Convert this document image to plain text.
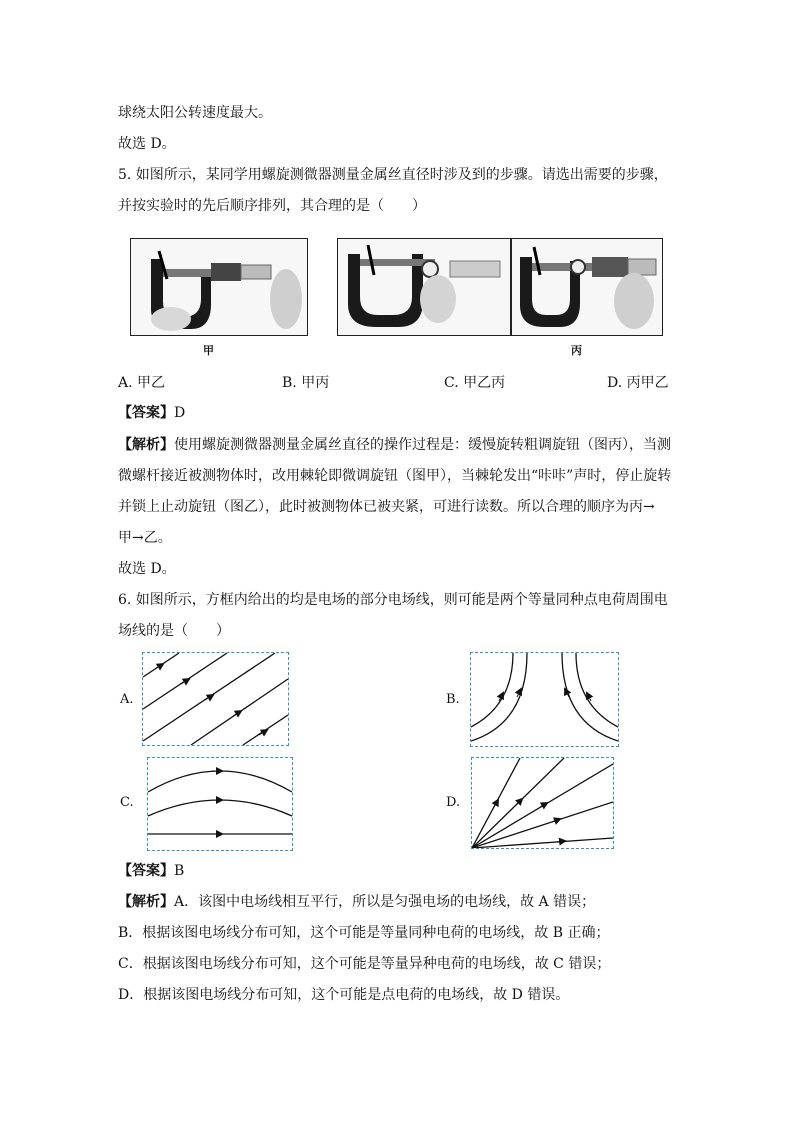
球绕太阳公转速度最大。
故选 D。
5. 如图所示，某同学用螺旋测微器测量金属丝直径时涉及到的步骤。请选出需要的步骤，
并按实验时的先后顺序排列，其合理的是（　　）
甲	丙
A. 甲乙	B. 甲丙	C. 甲乙丙	D. 丙甲乙
【答案】D
【解析】使用螺旋测微器测量金属丝直径的操作过程是：缓慢旋转粗调旋钮（图丙），当测
微螺杆接近被测物体时，改用棘轮即微调旋钮（图甲），当棘轮发出“咔咔”声时，停止旋转
并锁上止动旋钮（图乙），此时被测物体已被夹紧，可进行读数。所以合理的顺序为丙→
甲→乙。
故选 D。
6. 如图所示，方框内给出的均是电场的部分电场线，则可能是两个等量同种点电荷周围电
场线的是（　　）
A.	B.
C.	D.
【答案】B
【解析】A．该图中电场线相互平行，所以是匀强电场的电场线，故 A 错误；
B．根据该图电场线分布可知，这个可能是等量同种电荷的电场线，故 B 正确；
C．根据该图电场线分布可知，这个可能是等量异种电荷的电场线，故 C 错误；
D．根据该图电场线分布可知，这个可能是点电荷的电场线，故 D 错误。
